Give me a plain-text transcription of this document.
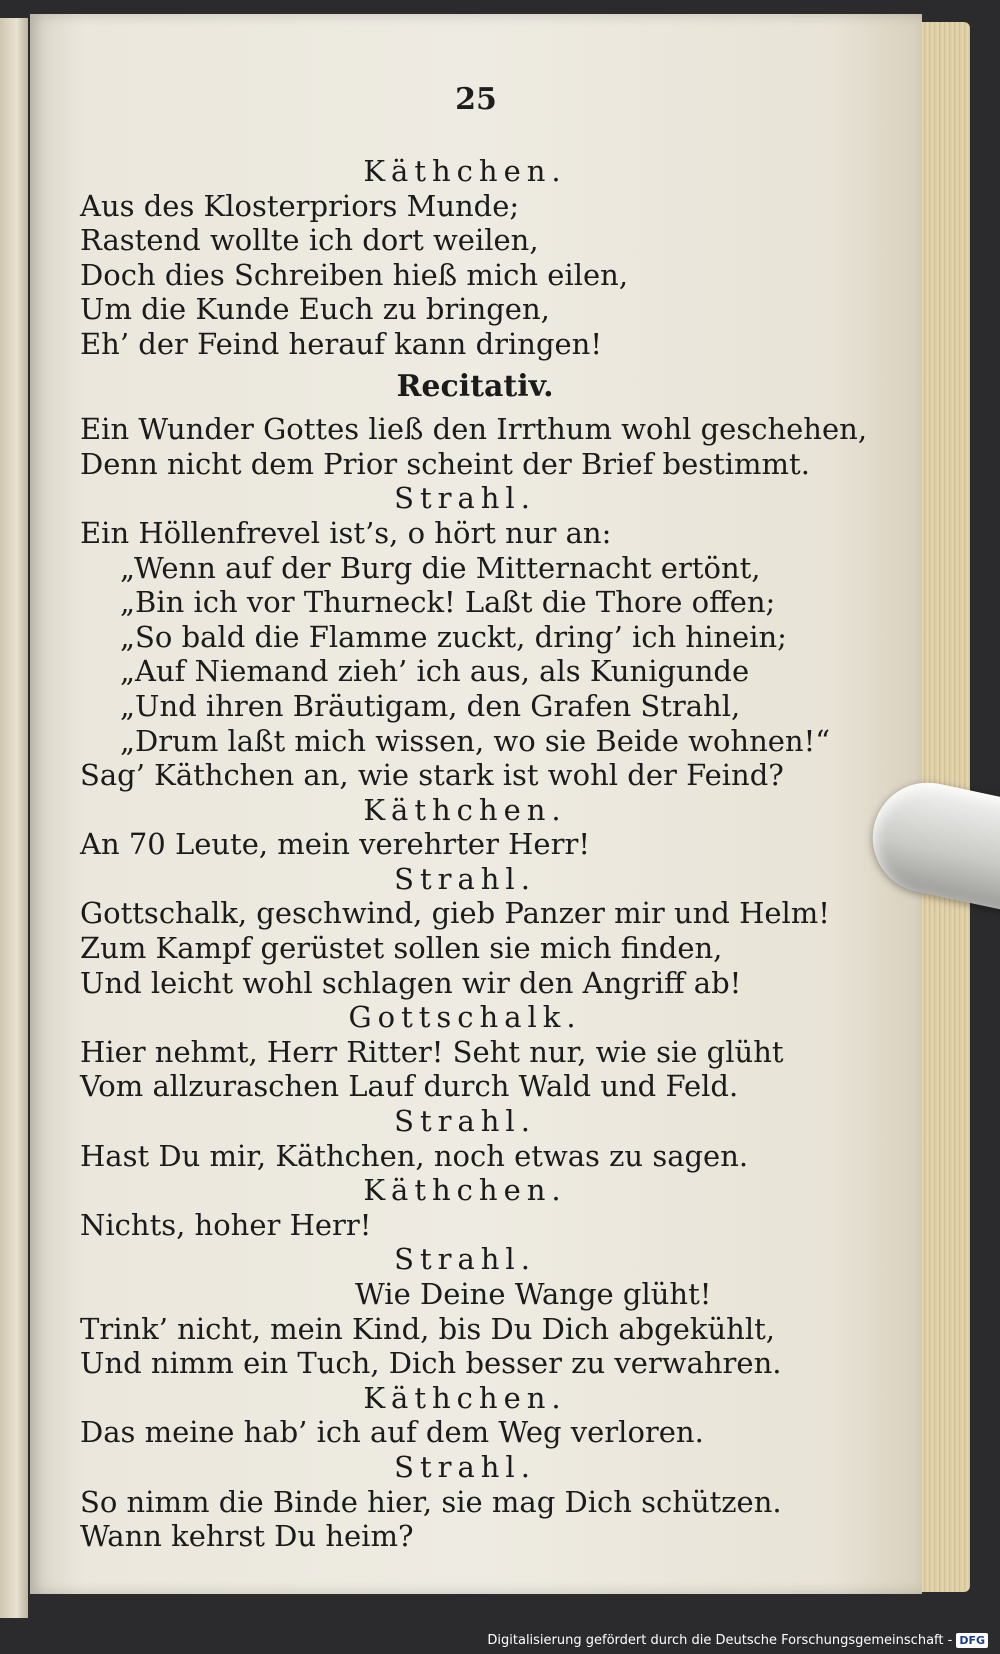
25
Käthchen.
Aus des Klosterpriors Munde;
Rastend wollte ich dort weilen,
Doch dies Schreiben hieß mich eilen,
Um die Kunde Euch zu bringen,
Eh’ der Feind herauf kann dringen!
Recitativ.
Ein Wunder Gottes ließ den Irrthum wohl geschehen,
Denn nicht dem Prior scheint der Brief bestimmt.
Strahl.
Ein Höllenfrevel ist’s, o hört nur an:
„Wenn auf der Burg die Mitternacht ertönt,
„Bin ich vor Thurneck! Laßt die Thore offen;
„So bald die Flamme zuckt, dring’ ich hinein;
„Auf Niemand zieh’ ich aus, als Kunigunde
„Und ihren Bräutigam, den Grafen Strahl,
„Drum laßt mich wissen, wo sie Beide wohnen!“
Sag’ Käthchen an, wie stark ist wohl der Feind?
Käthchen.
An 70 Leute, mein verehrter Herr!
Strahl.
Gottschalk, geschwind, gieb Panzer mir und Helm!
Zum Kampf gerüstet sollen sie mich finden,
Und leicht wohl schlagen wir den Angriff ab!
Gottschalk.
Hier nehmt, Herr Ritter! Seht nur, wie sie glüht
Vom allzuraschen Lauf durch Wald und Feld.
Strahl.
Hast Du mir, Käthchen, noch etwas zu sagen.
Käthchen.
Nichts, hoher Herr!
Strahl.
Wie Deine Wange glüht!
Trink’ nicht, mein Kind, bis Du Dich abgekühlt,
Und nimm ein Tuch, Dich besser zu verwahren.
Käthchen.
Das meine hab’ ich auf dem Weg verloren.
Strahl.
So nimm die Binde hier, sie mag Dich schützen.
Wann kehrst Du heim?
Digitalisierung gefördert durch die Deutsche Forschungsgemeinschaft - DFG
